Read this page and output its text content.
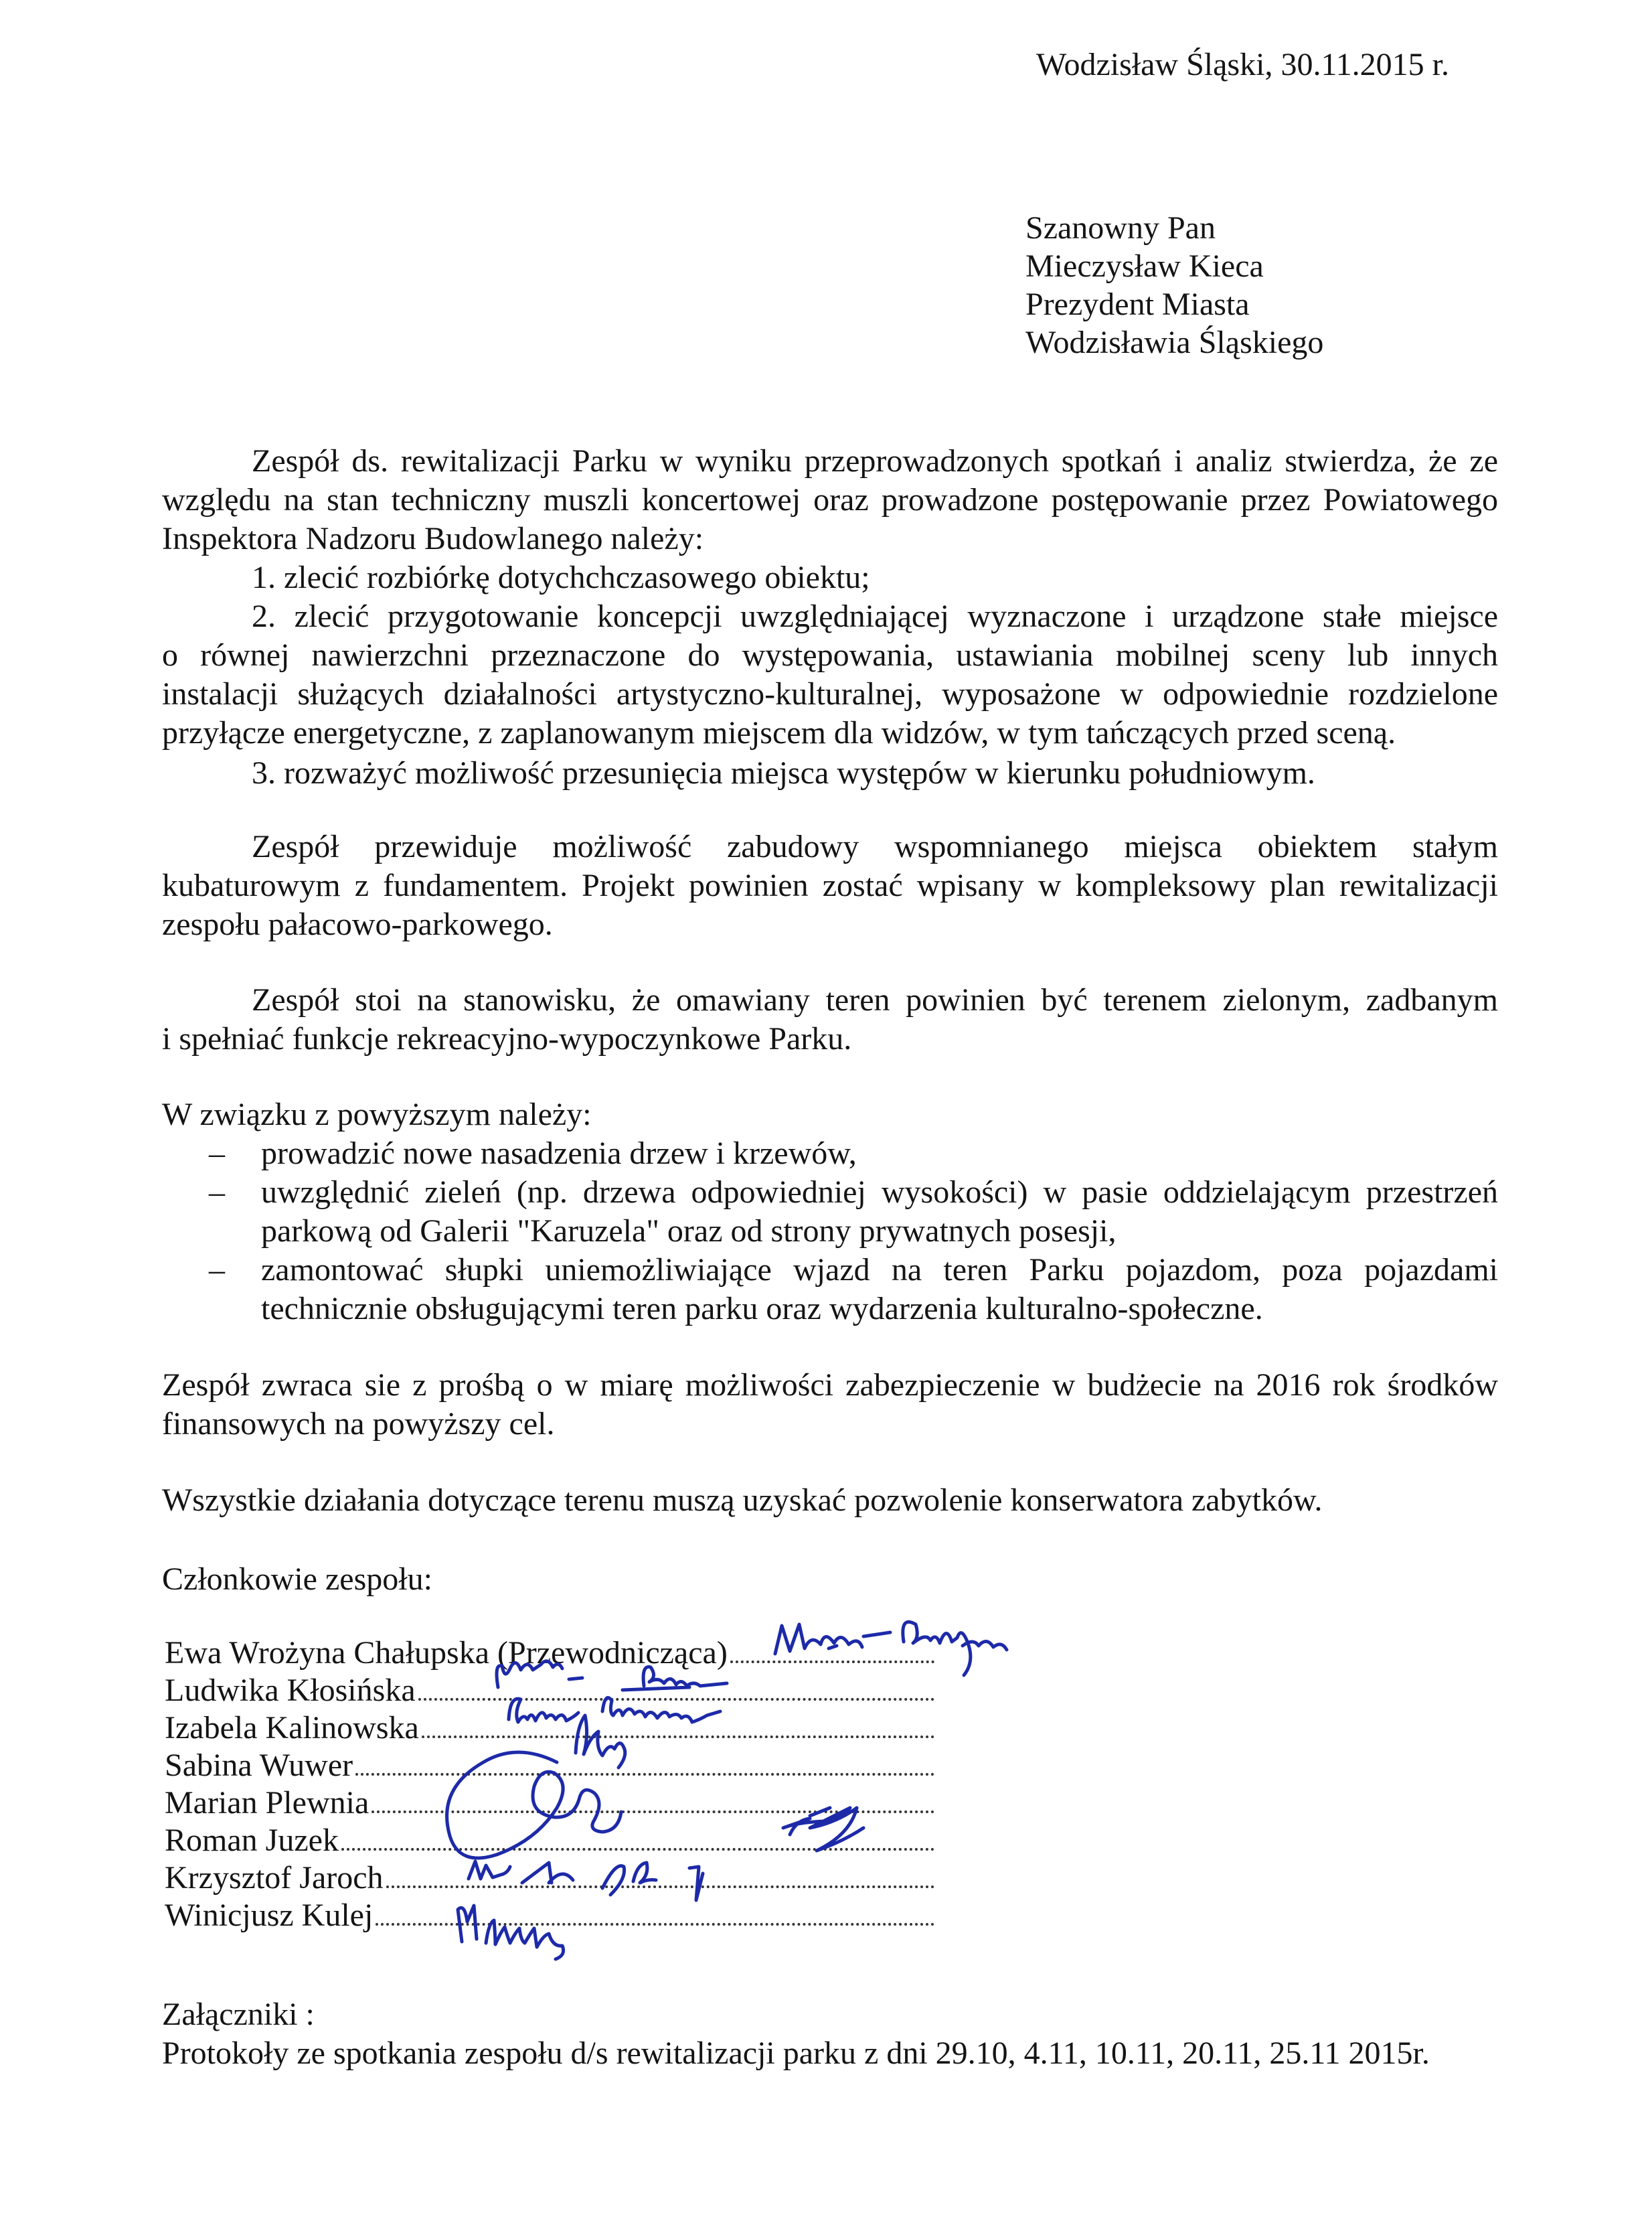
Wodzisław Śląski, 30.11.2015 r.
Szanowny Pan
Mieczysław Kieca
Prezydent Miasta
Wodzisławia Śląskiego
Zespół ds. rewitalizacji Parku w wyniku przeprowadzonych spotkań i analiz stwierdza, że ze
względu na stan techniczny muszli koncertowej oraz prowadzone postępowanie przez Powiatowego
Inspektora Nadzoru Budowlanego należy:
1. zlecić rozbiórkę dotychchczasowego obiektu;
2. zlecić przygotowanie koncepcji uwzględniającej wyznaczone i urządzone stałe miejsce
o równej nawierzchni przeznaczone do występowania, ustawiania mobilnej sceny lub innych
instalacji służących działalności artystyczno-kulturalnej, wyposażone w odpowiednie rozdzielone
przyłącze energetyczne, z zaplanowanym miejscem dla widzów, w tym tańczących przed sceną.
3. rozważyć możliwość przesunięcia miejsca występów w kierunku południowym.
Zespół przewiduje możliwość zabudowy wspomnianego miejsca obiektem stałym
kubaturowym z fundamentem. Projekt powinien zostać wpisany w kompleksowy plan rewitalizacji
zespołu pałacowo-parkowego.
Zespół stoi na stanowisku, że omawiany teren powinien być terenem zielonym, zadbanym
i spełniać funkcje rekreacyjno-wypoczynkowe Parku.
W związku z powyższym należy:
– prowadzić nowe nasadzenia drzew i krzewów,
– uwzględnić zieleń (np. drzewa odpowiedniej wysokości) w pasie oddzielającym przestrzeń
parkową od Galerii "Karuzela" oraz od strony prywatnych posesji,
– zamontować słupki uniemożliwiające wjazd na teren Parku pojazdom, poza pojazdami
technicznie obsługującymi teren parku oraz wydarzenia kulturalno-społeczne.
Zespół zwraca sie z prośbą o w miarę możliwości zabezpieczenie w budżecie na 2016 rok środków
finansowych na powyższy cel.
Wszystkie działania dotyczące terenu muszą uzyskać pozwolenie konserwatora zabytków.
Członkowie zespołu:
Ewa Wrożyna Chałupska (Przewodnicząca)
Ludwika Kłosińska
Izabela Kalinowska
Sabina Wuwer
Marian Plewnia
Roman Juzek
Krzysztof Jaroch
Winicjusz Kulej
Załączniki :
Protokoły ze spotkania zespołu d/s rewitalizacji parku z dni 29.10, 4.11, 10.11, 20.11, 25.11 2015r.
